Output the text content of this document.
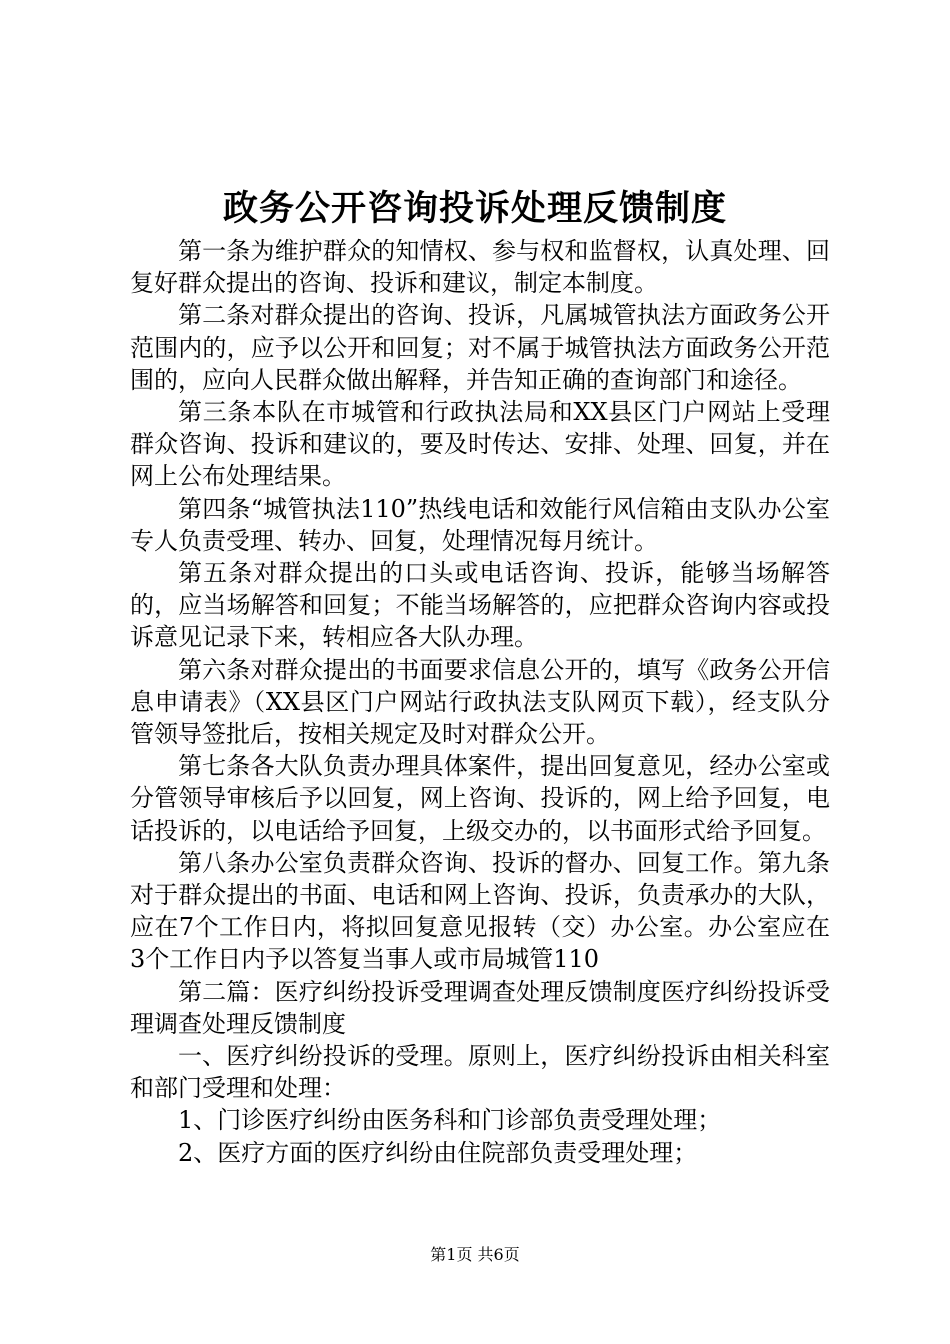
政务公开咨询投诉处理反馈制度

第一条为维护群众的知情权、参与权和监督权，认真处理、回复好群众提出的咨询、投诉和建议，制定本制度。

第二条对群众提出的咨询、投诉，凡属城管执法方面政务公开范围内的，应予以公开和回复；对不属于城管执法方面政务公开范围的，应向人民群众做出解释，并告知正确的查询部门和途径。

第三条本队在市城管和行政执法局和XX县区门户网站上受理群众咨询、投诉和建议的，要及时传达、安排、处理、回复，并在网上公布处理结果。

第四条“城管执法110”热线电话和效能行风信箱由支队办公室专人负责受理、转办、回复，处理情况每月统计。

第五条对群众提出的口头或电话咨询、投诉，能够当场解答的，应当场解答和回复；不能当场解答的，应把群众咨询内容或投诉意见记录下来，转相应各大队办理。

第六条对群众提出的书面要求信息公开的，填写《政务公开信息申请表》（XX县区门户网站行政执法支队网页下载），经支队分管领导签批后，按相关规定及时对群众公开。

第七条各大队负责办理具体案件，提出回复意见，经办公室或分管领导审核后予以回复，网上咨询、投诉的，网上给予回复，电话投诉的，以电话给予回复，上级交办的，以书面形式给予回复。

第八条办公室负责群众咨询、投诉的督办、回复工作。第九条对于群众提出的书面、电话和网上咨询、投诉，负责承办的大队，应在7个工作日内，将拟回复意见报转（交）办公室。办公室应在3个工作日内予以答复当事人或市局城管110

第二篇：医疗纠纷投诉受理调查处理反馈制度医疗纠纷投诉受理调查处理反馈制度

一、医疗纠纷投诉的受理。原则上，医疗纠纷投诉由相关科室和部门受理和处理：

1、门诊医疗纠纷由医务科和门诊部负责受理处理；

2、医疗方面的医疗纠纷由住院部负责受理处理；

第1页 共6页
